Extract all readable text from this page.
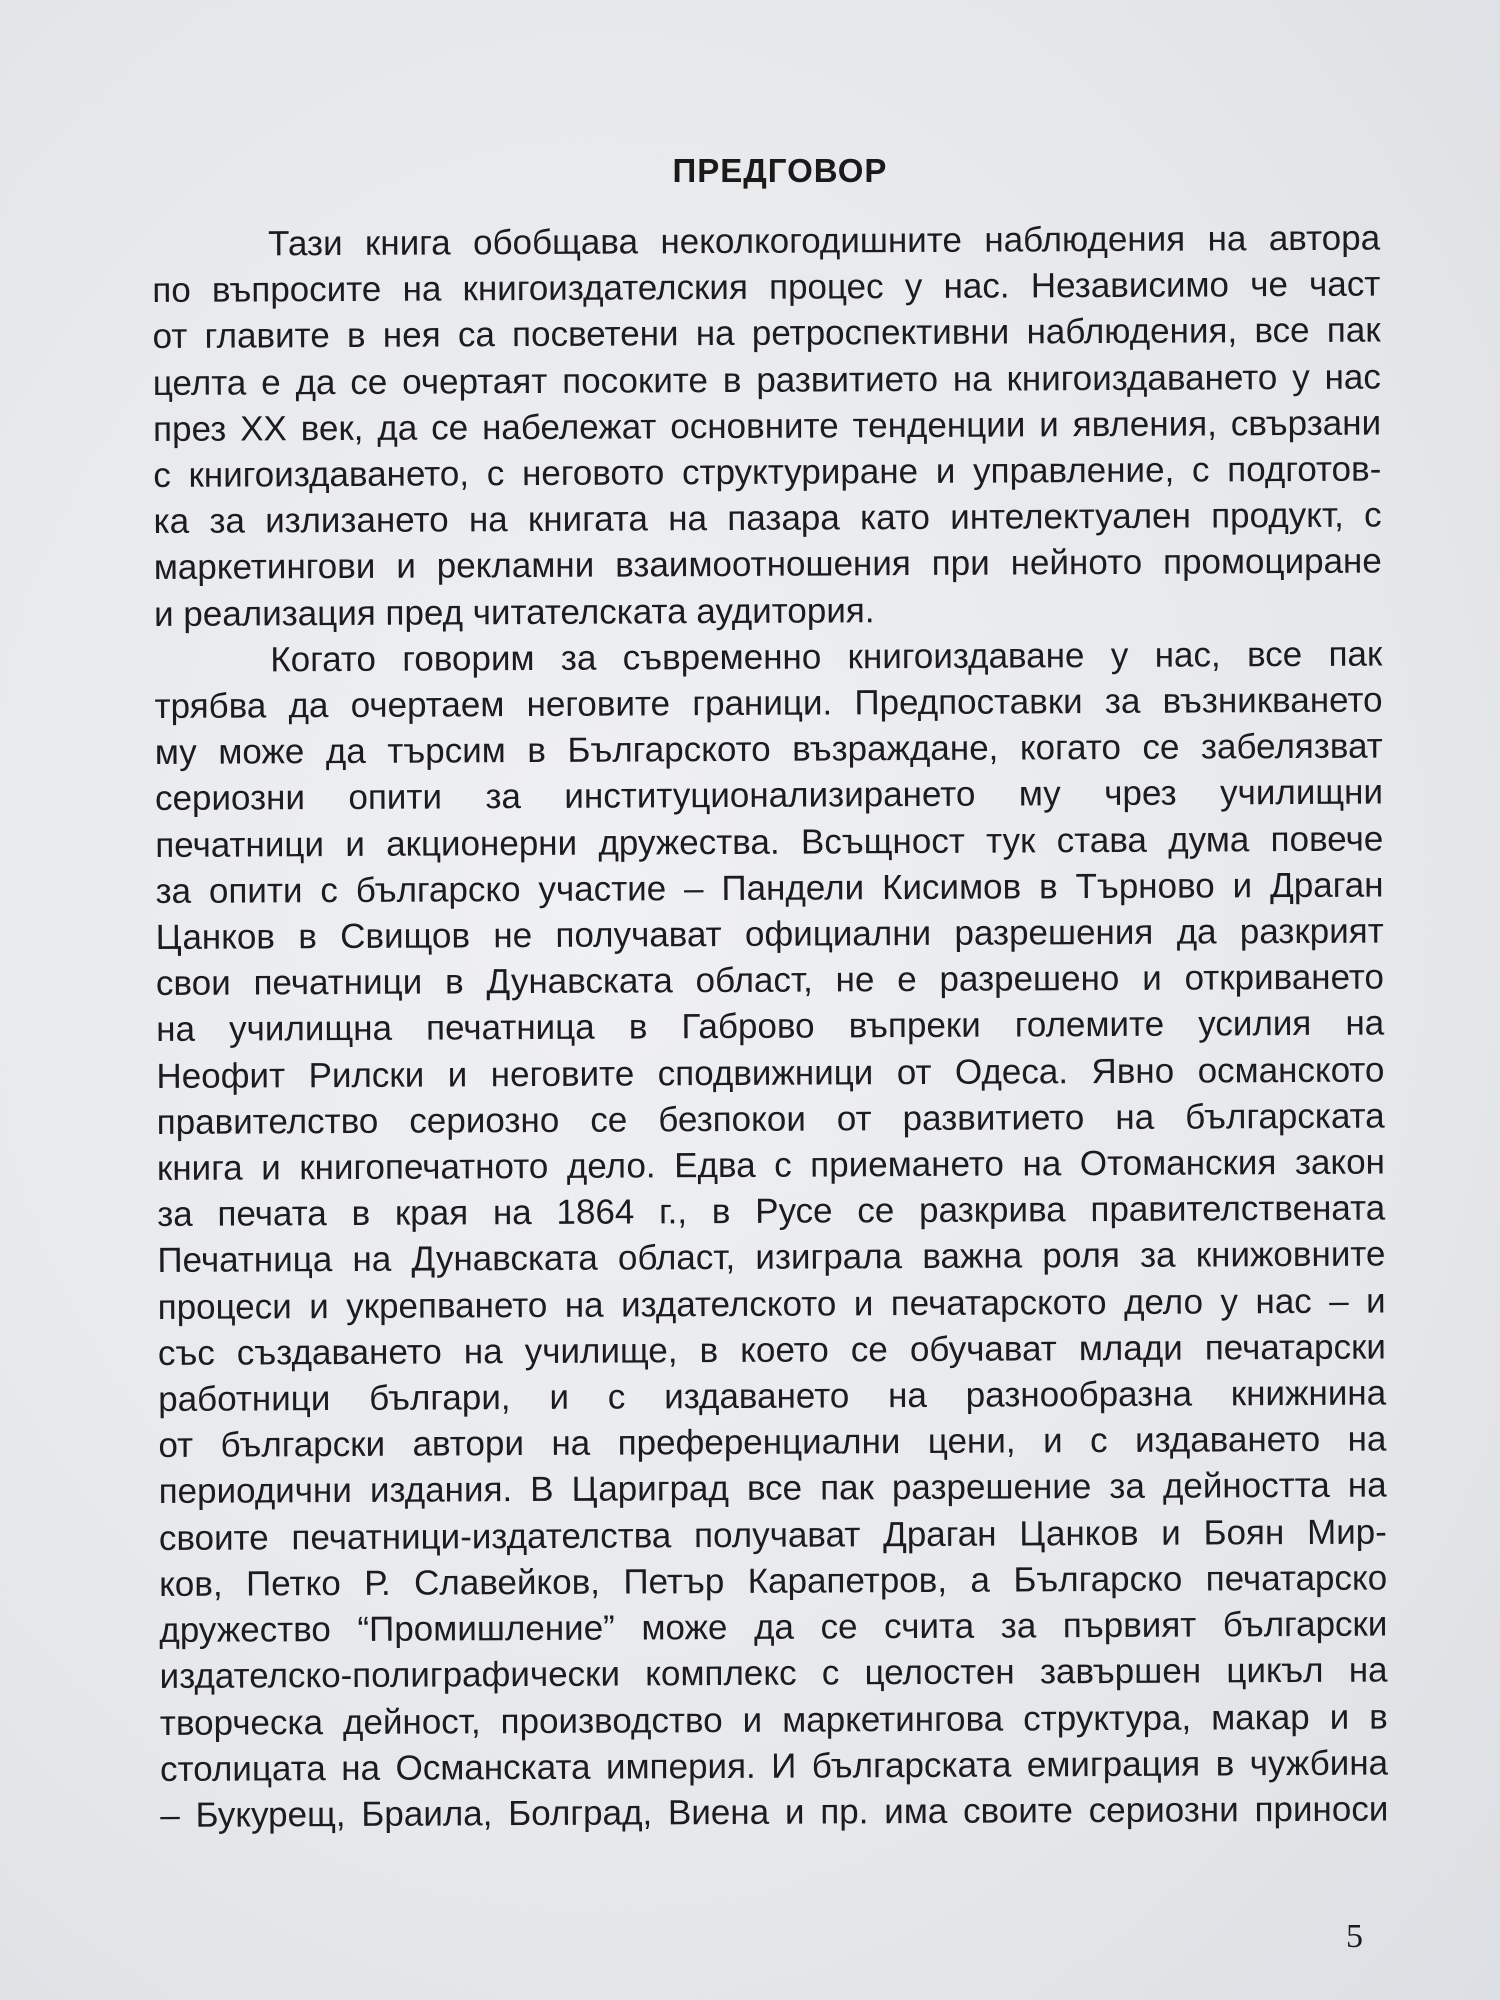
ПРЕДГОВОР
Тази книга обобщава неколкогодишните наблюдения на автора
по въпросите на книгоиздателския процес у нас. Независимо че част
от главите в нея са посветени на ретроспективни наблюдения, все пак
целта е да се очертаят посоките в развитието на книгоиздаването у нас
през XX век, да се набележат основните тенденции и явления, свързани
с книгоиздаването, с неговото структуриране и управление, с подготов-
ка за излизането на книгата на пазара като интелектуален продукт, с
маркетингови и рекламни взаимоотношения при нейното промоциране
и реализация пред читателската аудитория.
Когато говорим за съвременно книгоиздаване у нас, все пак
трябва да очертаем неговите граници. Предпоставки за възникването
му може да търсим в Българското възраждане, когато се забелязват
сериозни опити за институционализирането му чрез училищни
печатници и акционерни дружества. Всъщност тук става дума повече
за опити с българско участие – Пандели Кисимов в Търново и Драган
Цанков в Свищов не получават официални разрешения да разкрият
свои печатници в Дунавската област, не е разрешено и откриването
на училищна печатница в Габрово въпреки големите усилия на
Неофит Рилски и неговите сподвижници от Одеса. Явно османското
правителство сериозно се безпокои от развитието на българската
книга и книгопечатното дело. Едва с приемането на Отоманския закон
за печата в края на 1864 г., в Русе се разкрива правителствената
Печатница на Дунавската област, изиграла важна роля за книжовните
процеси и укрепването на издателското и печатарското дело у нас – и
със създаването на училище, в което се обучават млади печатарски
работници българи, и с издаването на разнообразна книжнина
от български автори на преференциални цени, и с издаването на
периодични издания. В Цариград все пак разрешение за дейността на
своите печатници-издателства получават Драган Цанков и Боян Мир-
ков, Петко Р. Славейков, Петър Карапетров, а Българско печатарско
дружество “Промишление” може да се счита за първият български
издателско-полиграфически комплекс с целостен завършен цикъл на
творческа дейност, производство и маркетингова структура, макар и в
столицата на Османската империя. И българската емиграция в чужбина
– Букурещ, Браила, Болград, Виена и пр. има своите сериозни приноси
5
